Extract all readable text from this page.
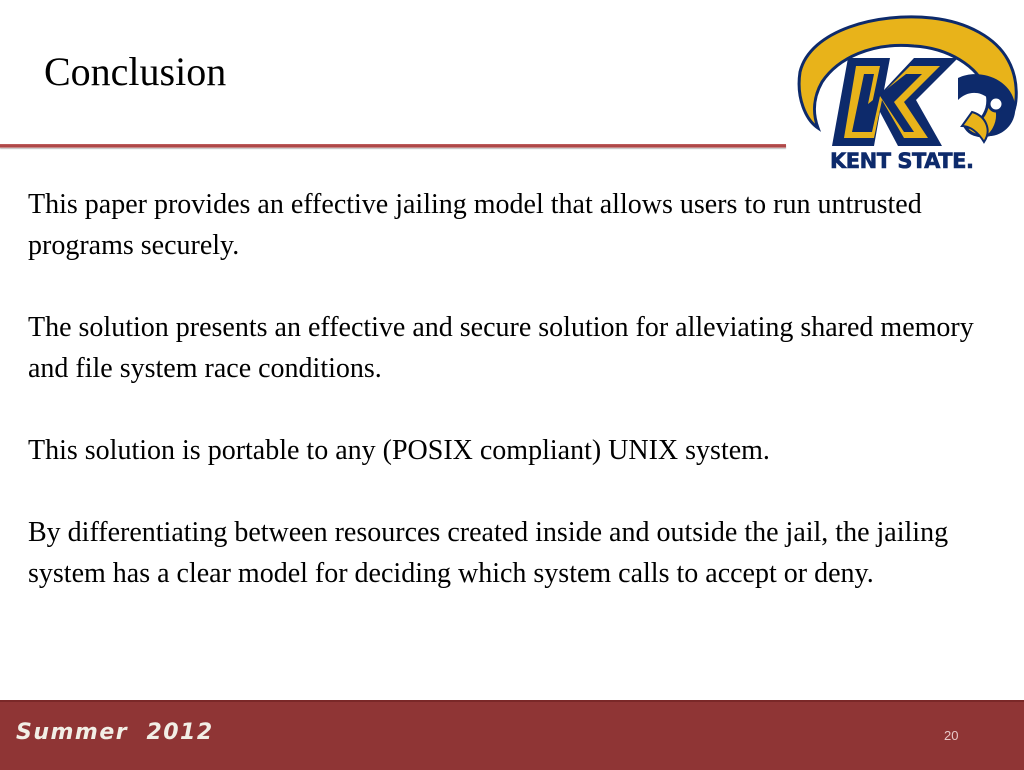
Conclusion
KENT STATE.

This paper provides an effective jailing model that allows users to run untrusted programs securely.

The solution presents an effective and secure solution for alleviating shared memory and file system race conditions.

This solution is portable to any (POSIX compliant) UNIX system.

By differentiating between resources created inside and outside the jail, the jailing system has a clear model for deciding which system calls to accept or deny.

Summer  2012	20
